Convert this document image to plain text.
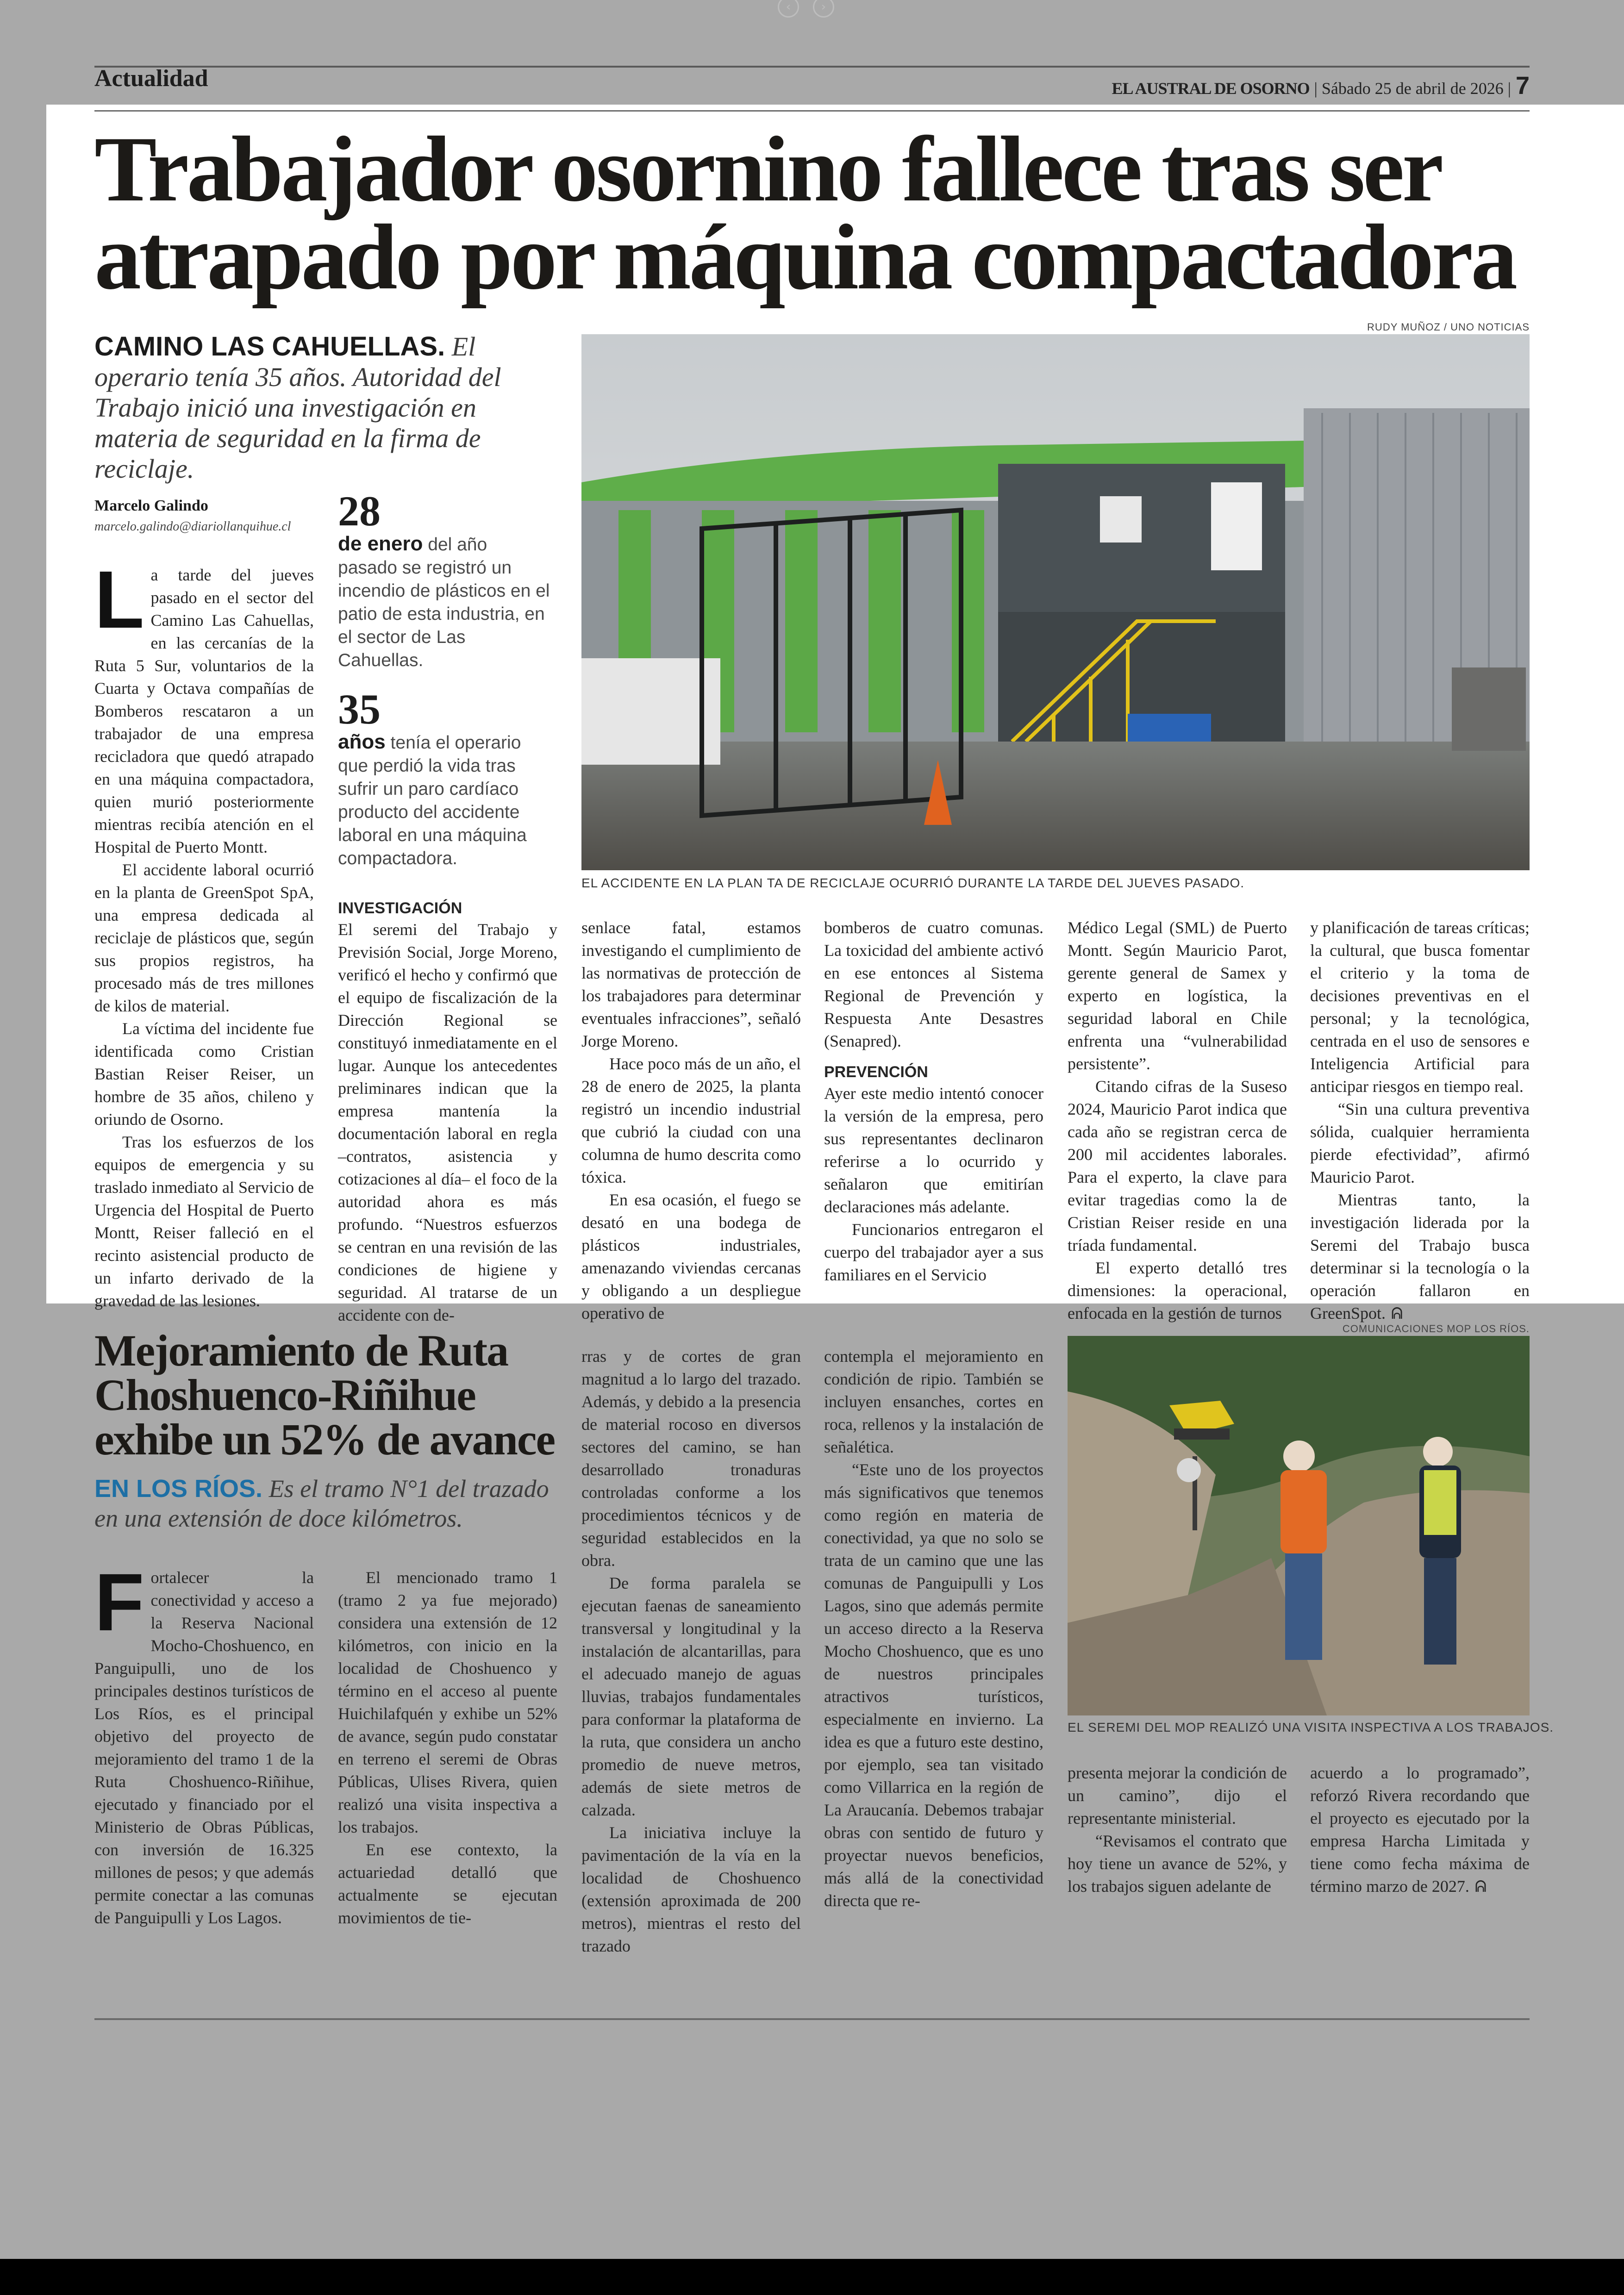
‹	›
Actualidad	EL AUSTRAL DE OSORNO | Sábado 25 de abril de 2026 | 7
Trabajador osornino fallece tras ser atrapado por máquina compactadora
CAMINO LAS CAHUELLAS. El operario tenía 35 años. Autoridad del Trabajo inició una investigación en materia de seguridad en la firma de reciclaje.
Marcelo Galindo
marcelo.galindo@diariollanquihue.cl 28
de enero del año pasado se registró un incendio de plásticos en el patio de esta industria, en el sector de Las Cahuellas.
35
años tenía el operario que perdió la vida tras sufrir un paro cardíaco producto del accidente laboral en una máquina compactadora.
RUDY MUÑOZ / UNO NOTICIAS
EL ACCIDENTE EN LA PLAN TA DE RECICLAJE OCURRIÓ DURANTE LA TARDE DEL JUEVES PASADO.

La tarde del jueves pasado en el sector del Camino Las Cahuellas, en las cercanías de la Ruta 5 Sur, voluntarios de la Cuarta y Octava compañías de Bomberos rescataron a un trabajador de una empresa recicladora que quedó atrapado en una máquina compactadora, quien murió posteriormente mientras recibía atención en el Hospital de Puerto Montt.

El accidente laboral ocurrió en la planta de GreenSpot SpA, una empresa dedicada al reciclaje de plásticos que, según sus propios registros, ha procesado más de tres millones de kilos de material.

La víctima del incidente fue identificada como Cristian Bastian Reiser Reiser, un hombre de 35 años, chileno y oriundo de Osorno.

Tras los esfuerzos de los equipos de emergencia y su traslado inmediato al Servicio de Urgencia del Hospital de Puerto Montt, Reiser falleció en el recinto asistencial producto de un infarto derivado de la gravedad de las lesiones.

INVESTIGACIÓN

El seremi del Trabajo y Previsión Social, Jorge Moreno, verificó el hecho y confirmó que el equipo de fiscalización de la Dirección Regional se constituyó inmediatamente en el lugar. Aunque los antecedentes preliminares indican que la empresa mantenía la documentación laboral en regla –contratos, asistencia y cotizaciones al día– el foco de la autoridad ahora es más profundo. “Nuestros esfuerzos se centran en una revisión de las condiciones de higiene y seguridad. Al tratarse de un accidente con de-

senlace fatal, estamos investigando el cumplimiento de las normativas de protección de los trabajadores para determinar eventuales infracciones”, señaló Jorge Moreno.

Hace poco más de un año, el 28 de enero de 2025, la planta registró un incendio industrial que cubrió la ciudad con una columna de humo descrita como tóxica.

En esa ocasión, el fuego se desató en una bodega de plásticos industriales, amenazando viviendas cercanas y obligando a un despliegue operativo de

bomberos de cuatro comunas. La toxicidad del ambiente activó en ese entonces al Sistema Regional de Prevención y Respuesta Ante Desastres (Senapred).

PREVENCIÓN

Ayer este medio intentó conocer la versión de la empresa, pero sus representantes declinaron referirse a lo ocurrido y señalaron que emitirían declaraciones más adelante.

Funcionarios entregaron el cuerpo del trabajador ayer a sus familiares en el Servicio

Médico Legal (SML) de Puerto Montt. Según Mauricio Parot, gerente general de Samex y experto en logística, la seguridad laboral en Chile enfrenta una “vulnerabilidad persistente”.

Citando cifras de la Suseso 2024, Mauricio Parot indica que cada año se registran cerca de 200 mil accidentes laborales. Para el experto, la clave para evitar tragedias como la de Cristian Reiser reside en una tríada fundamental.

El experto detalló tres dimensiones: la operacional, enfocada en la gestión de turnos

y planificación de tareas críticas; la cultural, que busca fomentar el criterio y la toma de decisiones preventivas en el personal; y la tecnológica, centrada en el uso de sensores e Inteligencia Artificial para anticipar riesgos en tiempo real.

“Sin una cultura preventiva sólida, cualquier herramienta pierde efectividad”, afirmó Mauricio Parot.

Mientras tanto, la investigación liderada por la Seremi del Trabajo busca determinar si la tecnología o la operación fallaron en GreenSpot. ᕱ

Mejoramiento de Ruta Choshuenco-Riñihue exhibe un 52% de avance
EN LOS RÍOS. Es el tramo N°1 del trazado en una extensión de doce kilómetros.
COMUNICACIONES MOP LOS RÍOS.
EL SEREMI DEL MOP REALIZÓ UNA VISITA INSPECTIVA A LOS TRABAJOS.

Fortalecer la conectividad y acceso a la Reserva Nacional Mocho-Choshuenco, en Panguipulli, uno de los principales destinos turísticos de Los Ríos, es el principal objetivo del proyecto de mejoramiento del tramo 1 de la Ruta Choshuenco-Riñihue, ejecutado y financiado por el Ministerio de Obras Públicas, con inversión de 16.325 millones de pesos; y que además permite conectar a las comunas de Panguipulli y Los Lagos.

El mencionado tramo 1 (tramo 2 ya fue mejorado) considera una extensión de 12 kilómetros, con inicio en la localidad de Choshuenco y término en el acceso al puente Huichilafquén y exhibe un 52% de avance, según pudo constatar en terreno el seremi de Obras Públicas, Ulises Rivera, quien realizó una visita inspectiva a los trabajos.

En ese contexto, la actuariedad detalló que actualmente se ejecutan movimientos de tie-

rras y de cortes de gran magnitud a lo largo del trazado. Además, y debido a la presencia de material rocoso en diversos sectores del camino, se han desarrollado tronaduras controladas conforme a los procedimientos técnicos y de seguridad establecidos en la obra.

De forma paralela se ejecutan faenas de saneamiento transversal y longitudinal y la instalación de alcantarillas, para el adecuado manejo de aguas lluvias, trabajos fundamentales para conformar la plataforma de la ruta, que considera un ancho promedio de nueve metros, además de siete metros de calzada.

La iniciativa incluye la pavimentación de la vía en la localidad de Choshuenco (extensión aproximada de 200 metros), mientras el resto del trazado

contempla el mejoramiento en condición de ripio. También se incluyen ensanches, cortes en roca, rellenos y la instalación de señalética.

“Este uno de los proyectos más significativos que tenemos como región en materia de conectividad, ya que no solo se trata de un camino que une las comunas de Panguipulli y Los Lagos, sino que además permite un acceso directo a la Reserva Mocho Choshuenco, que es uno de nuestros principales atractivos turísticos, especialmente en invierno. La idea es que a futuro este destino, por ejemplo, sea tan visitado como Villarrica en la región de La Araucanía. Debemos trabajar obras con sentido de futuro y proyectar nuevos beneficios, más allá de la conectividad directa que re-

presenta mejorar la condición de un camino”, dijo el representante ministerial.

“Revisamos el contrato que hoy tiene un avance de 52%, y los trabajos siguen adelante de

acuerdo a lo programado”, reforzó Rivera recordando que el proyecto es ejecutado por la empresa Harcha Limitada y tiene como fecha máxima de término marzo de 2027. ᕱ
